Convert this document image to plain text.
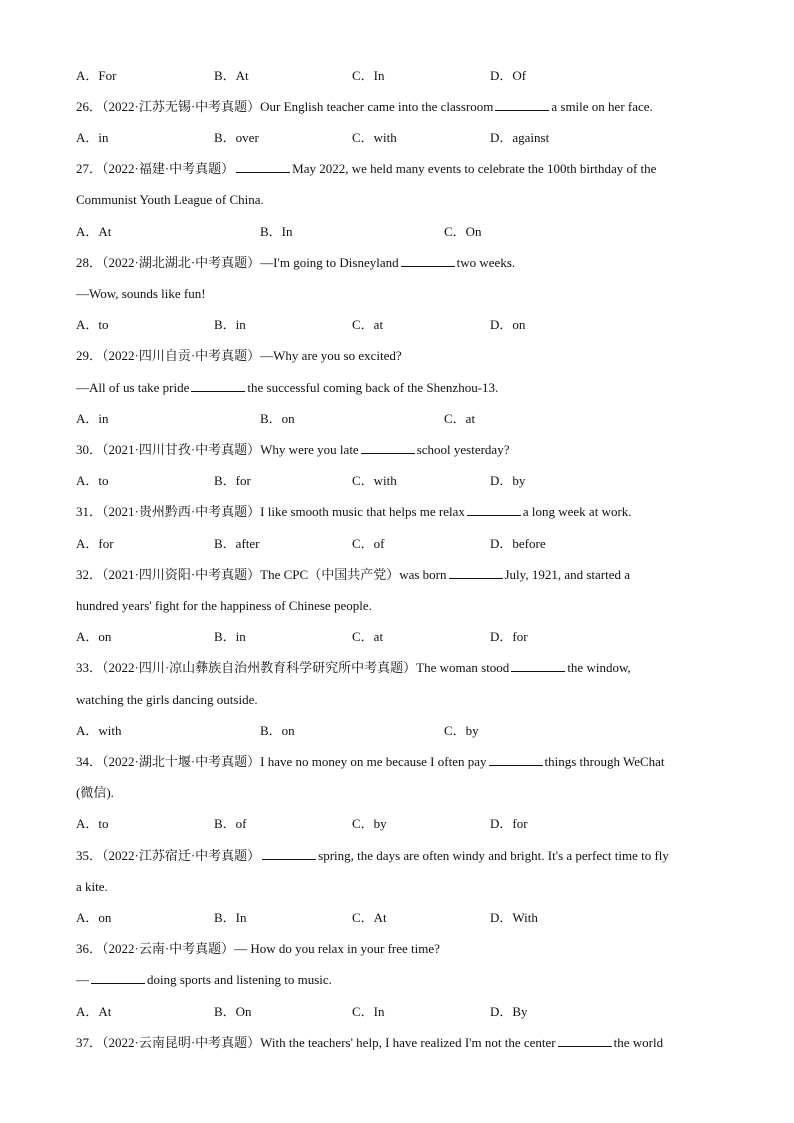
A．For	B．At	C．In	D．Of
26．（2022·江苏无锡·中考真题）Our English teacher came into the classroom	a smile on her face.
A．in	B．over	C．with	D．against
27．（2022·福建·中考真题）	May 2022, we held many events to celebrate the 100th birthday of the
Communist Youth League of China.
A．At	B．In	C．On
28．（2022·湖北湖北·中考真题）—I'm going to Disneyland	two weeks.
—Wow, sounds like fun!
A．to	B．in	C．at	D．on
29．（2022·四川自贡·中考真题）—Why are you so excited?
—All of us take pride	the successful coming back of the Shenzhou-13.
A．in	B．on	C．at
30．（2021·四川甘孜·中考真题）Why were you late	school yesterday?
A．to	B．for	C．with	D．by
31．（2021·贵州黔西·中考真题）I like smooth music that helps me relax	a long week at work.
A．for	B．after	C．of	D．before
32．（2021·四川资阳·中考真题）The CPC（中国共产党）was born	July, 1921, and started a
hundred years' fight for the happiness of Chinese people.
A．on	B．in	C．at	D．for
33．（2022·四川·凉山彝族自治州教育科学研究所中考真题）The woman stood	the window,
watching the girls dancing outside.
A．with	B．on	C．by
34．（2022·湖北十堰·中考真题）I have no money on me because I often pay	things through WeChat
(微信).
A．to	B．of	C．by	D．for
35．（2022·江苏宿迁·中考真题）	spring, the days are often windy and bright. It's a perfect time to fly
a kite.
A．on	B．In	C．At	D．With
36．（2022·云南·中考真题）— How do you relax in your free time?
—	doing sports and listening to music.
A．At	B．On	C．In	D．By
37．（2022·云南昆明·中考真题）With the teachers' help, I have realized I'm not the center	the world
